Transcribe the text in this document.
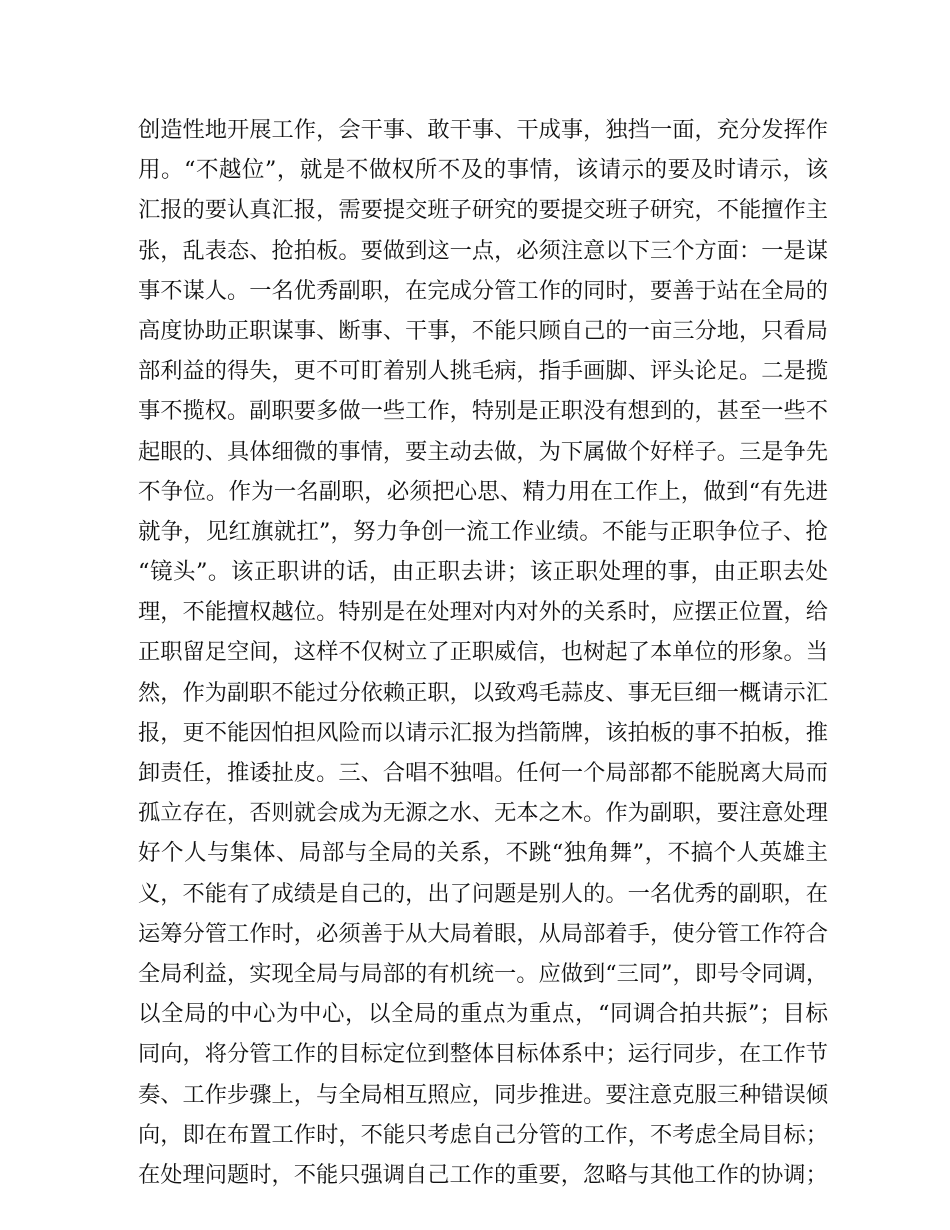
创造性地开展工作，会干事、敢干事、干成事，独挡一面，充分发挥作
用。“不越位”，就是不做权所不及的事情，该请示的要及时请示，该
汇报的要认真汇报，需要提交班子研究的要提交班子研究，不能擅作主
张，乱表态、抢拍板。要做到这一点，必须注意以下三个方面：一是谋
事不谋人。一名优秀副职，在完成分管工作的同时，要善于站在全局的
高度协助正职谋事、断事、干事，不能只顾自己的一亩三分地，只看局
部利益的得失，更不可盯着别人挑毛病，指手画脚、评头论足。二是揽
事不揽权。副职要多做一些工作，特别是正职没有想到的，甚至一些不
起眼的、具体细微的事情，要主动去做，为下属做个好样子。三是争先
不争位。作为一名副职，必须把心思、精力用在工作上，做到“有先进
就争，见红旗就扛”，努力争创一流工作业绩。不能与正职争位子、抢
“镜头”。该正职讲的话，由正职去讲；该正职处理的事，由正职去处
理，不能擅权越位。特别是在处理对内对外的关系时，应摆正位置，给
正职留足空间，这样不仅树立了正职威信，也树起了本单位的形象。当
然，作为副职不能过分依赖正职，以致鸡毛蒜皮、事无巨细一概请示汇
报，更不能因怕担风险而以请示汇报为挡箭牌，该拍板的事不拍板，推
卸责任，推诿扯皮。三、合唱不独唱。任何一个局部都不能脱离大局而
孤立存在，否则就会成为无源之水、无本之木。作为副职，要注意处理
好个人与集体、局部与全局的关系，不跳“独角舞”，不搞个人英雄主
义，不能有了成绩是自己的，出了问题是别人的。一名优秀的副职，在
运筹分管工作时，必须善于从大局着眼，从局部着手，使分管工作符合
全局利益，实现全局与局部的有机统一。应做到“三同”，即号令同调，
以全局的中心为中心，以全局的重点为重点，“同调合拍共振”；目标
同向，将分管工作的目标定位到整体目标体系中；运行同步，在工作节
奏、工作步骤上，与全局相互照应，同步推进。要注意克服三种错误倾
向，即在布置工作时，不能只考虑自己分管的工作，不考虑全局目标；
在处理问题时，不能只强调自己工作的重要，忽略与其他工作的协调；
